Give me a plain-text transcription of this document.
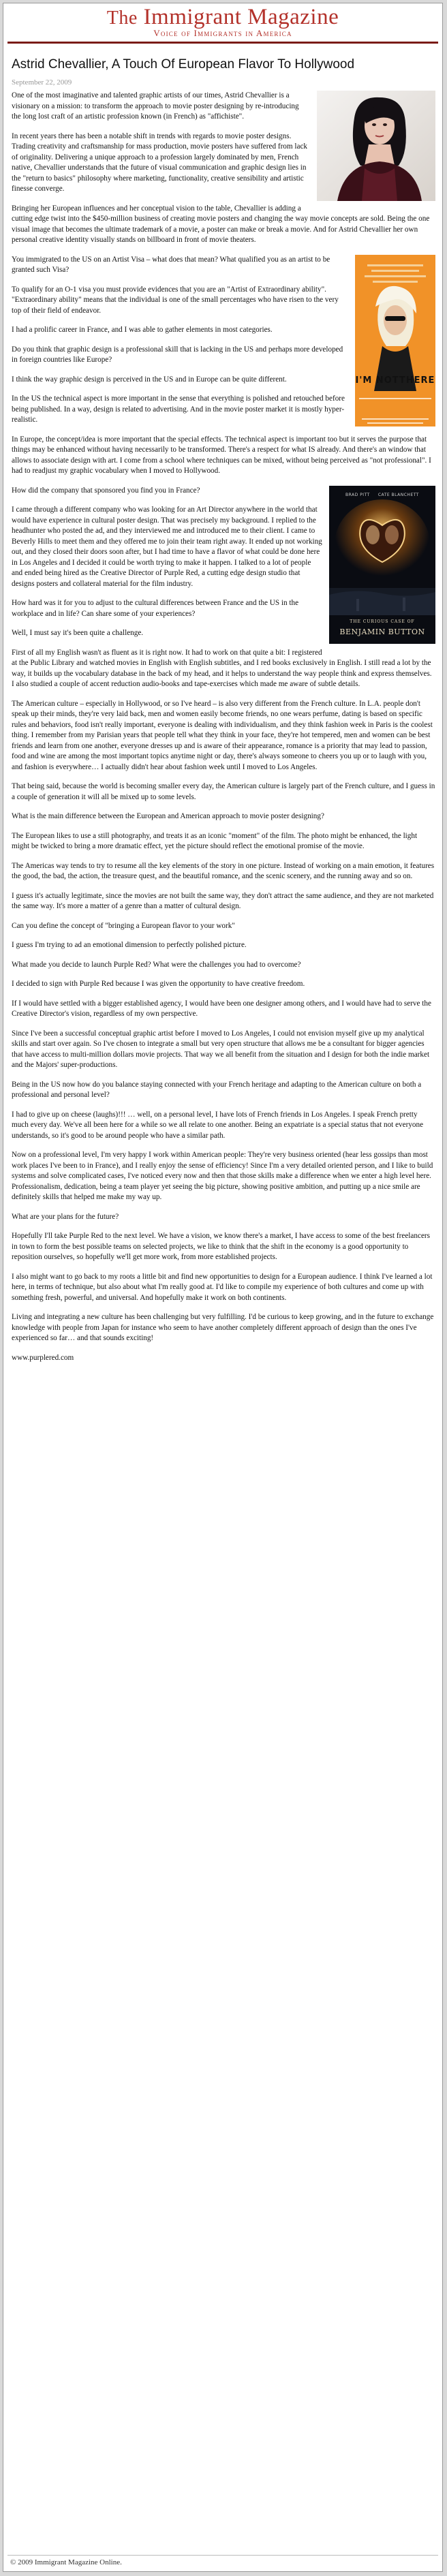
The Immigrant Magazine
Voice of Immigrants in America
Astrid Chevallier, A Touch Of European Flavor To Hollywood
September 22, 2009

One of the most imaginative and talented graphic artists of our times, Astrid Chevallier is a visionary on a mission: to transform the approach to movie poster designing by re-introducing the long lost craft of an artistic profession known (in French) as "affichiste".

In recent years there has been a notable shift in trends with regards to movie poster designs. Trading creativity and craftsmanship for mass production, movie posters have suffered from lack of originality. Delivering a unique approach to a profession largely dominated by men, French native, Chevallier understands that the future of visual communication and graphic design lies in the "return to basics" philosophy where marketing, functionality, creative sensibility and artistic finesse converge.

Bringing her European influences and her conceptual vision to the table, Chevallier is adding a cutting edge twist into the $450-million business of creating movie posters and changing the way movie concepts are sold. Being the one visual image that becomes the ultimate trademark of a movie, a poster can make or break a movie. And for Astrid Chevallier her own personal creative identity visually stands on billboard in front of movie theaters.

I'M NOTTHERE

You immigrated to the US on an Artist Visa – what does that mean? What qualified you as an artist to be granted such Visa?

To qualify for an O-1 visa you must provide evidences that you are an "Artist of Extraordinary ability". "Extraordinary ability" means that the individual is one of the small percentages who have risen to the very top of their field of endeavor.

I had a prolific career in France, and I was able to gather elements in most categories.

Do you think that graphic design is a professional skill that is lacking in the US and perhaps more developed in foreign countries like Europe?

I think the way graphic design is perceived in the US and in Europe can be quite different.

In the US the technical aspect is more important in the sense that everything is polished and retouched before being published. In a way, design is related to advertising. And in the movie poster market it is mostly hyper-realistic.

In Europe, the concept/idea is more important that the special effects. The technical aspect is important too but it serves the purpose that things may be enhanced without having necessarily to be transformed. There's a respect for what IS already. And there's an window that allows to associate design with art. I come from a school where techniques can be mixed, without being perceived as "not professional". I had to readjust my graphic vocabulary when I moved to Hollywood.

BRAD PITT CATE BLANCHETT
THE CURIOUS CASE OF
BENJAMIN BUTTON

How did the company that sponsored you find you in France?

I came through a different company who was looking for an Art Director anywhere in the world that would have experience in cultural poster design. That was precisely my background. I replied to the headhunter who posted the ad, and they interviewed me and introduced me to their client. I came to Beverly Hills to meet them and they offered me to join their team right away. It ended up not working out, and they closed their doors soon after, but I had time to have a flavor of what could be done here in Los Angeles and I decided it could be worth trying to make it happen. I talked to a lot of people and ended being hired as the Creative Director of Purple Red, a cutting edge design studio that designs posters and collateral material for the film industry.

How hard was it for you to adjust to the cultural differences between France and the US in the workplace and in life? Can share some of your experiences?

Well, I must say it's been quite a challenge.

First of all my English wasn't as fluent as it is right now. It had to work on that quite a bit: I registered at the Public Library and watched movies in English with English subtitles, and I red books exclusively in English. I still read a lot by the way, it builds up the vocabulary database in the back of my head, and it helps to understand the way people think and express themselves. I also studied a couple of accent reduction audio-books and tape-exercises which made me aware of subtle details.

The American culture – especially in Hollywood, or so I've heard – is also very different from the French culture. In L.A. people don't speak up their minds, they're very laid back, men and women easily become friends, no one wears perfume, dating is based on specific rules and behaviors, food isn't really important, everyone is dealing with individualism, and they think fashion week in Paris is the coolest thing. I remember from my Parisian years that people tell what they think in your face, they're hot tempered, men and women can be best friends and learn from one another, everyone dresses up and is aware of their appearance, romance is a priority that may lead to passion, food and wine are among the most important topics anytime night or day, there's always someone to cheers you up or to laugh with you, and fashion is everywhere… I actually didn't hear about fashion week until I moved to Los Angeles.

That being said, because the world is becoming smaller every day, the American culture is largely part of the French culture, and I guess in a couple of generation it will all be mixed up to some levels.

What is the main difference between the European and American approach to movie poster designing?

The European likes to use a still photography, and treats it as an iconic "moment" of the film. The photo might be enhanced, the light might be twicked to bring a more dramatic effect, yet the picture should reflect the emotional promise of the movie.

The Americas way tends to try to resume all the key elements of the story in one picture. Instead of working on a main emotion, it features the good, the bad, the action, the treasure quest, and the beautiful romance, and the scenic scenery, and the running away and so on.

I guess it's actually legitimate, since the movies are not built the same way, they don't attract the same audience, and they are not marketed the same way. It's more a matter of a genre than a matter of cultural design.

Can you define the concept of "bringing a European flavor to your work"

I guess I'm trying to ad an emotional dimension to perfectly polished picture.

What made you decide to launch Purple Red? What were the challenges you had to overcome?

I decided to sign with Purple Red because I was given the opportunity to have creative freedom.

If I would have settled with a bigger established agency, I would have been one designer among others, and I would have had to serve the Creative Director's vision, regardless of my own perspective.

Since I've been a successful conceptual graphic artist before I moved to Los Angeles, I could not envision myself give up my analytical skills and start over again. So I've chosen to integrate a small but very open structure that allows me be a consultant for bigger agencies that have access to multi-million dollars movie projects. That way we all benefit from the situation and I design for both the indie market and the Majors' super-productions.

Being in the US now how do you balance staying connected with your French heritage and adapting to the American culture on both a professional and personal level?

I had to give up on cheese (laughs)!!! … well, on a personal level, I have lots of French friends in Los Angeles. I speak French pretty much every day. We've all been here for a while so we all relate to one another. Being an expatriate is a special status that not everyone understands, so it's good to be around people who have a similar path.

Now on a professional level, I'm very happy I work within American people: They're very business oriented (hear less gossips than most work places I've been to in France), and I really enjoy the sense of efficiency! Since I'm a very detailed oriented person, and I like to build systems and solve complicated cases, I've noticed every now and then that those skills make a difference when we enter a high level here. Professionalism, dedication, being a team player yet seeing the big picture, showing positive ambition, and putting up a nice smile are definitely skills that helped me make my way up.

What are your plans for the future?

Hopefully I'll take Purple Red to the next level. We have a vision, we know there's a market, I have access to some of the best freelancers in town to form the best possible teams on selected projects, we like to think that the shift in the economy is a good opportunity to reposition ourselves, so hopefully we'll get more work, from more established projects.

I also might want to go back to my roots a little bit and find new opportunities to design for a European audience. I think I've learned a lot here, in terms of technique, but also about what I'm really good at. I'd like to compile my experience of both cultures and come up with something fresh, powerful, and universal. And hopefully make it work on both continents.

Living and integrating a new culture has been challenging but very fulfilling. I'd be curious to keep growing, and in the future to exchange knowledge with people from Japan for instance who seem to have another completely different approach of design than the ones I've experienced so far… and that sounds exciting!

www.purplered.com

© 2009 Immigrant Magazine Online.
